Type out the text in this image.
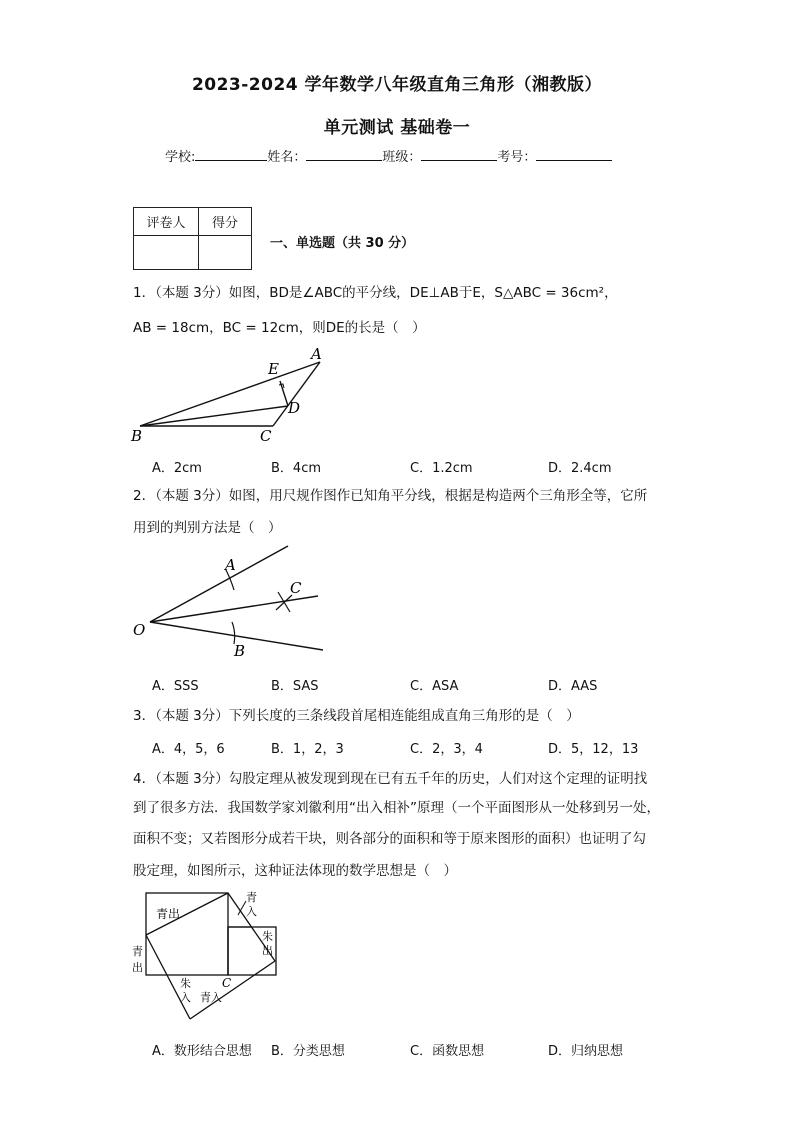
2023-2024 学年数学八年级直角三角形（湘教版）
单元测试 基础卷一
学校:	姓名：	班级：	考号：
评卷人	得分

一、单选题（共 30 分）
1．（本题 3分）如图，BD是∠ABC的平分线，DE⊥AB于E，S△ABC = 36cm²，
AB = 18cm，BC = 12cm，则DE的长是（　）
B	C
D
E
A
A．2cm	B．4cm	C．1.2cm	D．2.4cm
2．（本题 3分）如图，用尺规作图作已知角平分线，根据是构造两个三角形全等，它所
用到的判别方法是（　）
O
A
C
B
A．SSS	B．SAS	C．ASA	D．AAS
3．（本题 3分）下列长度的三条线段首尾相连能组成直角三角形的是（　）
A．4，5，6	B．1，2，3	C．2，3，4	D．5，12，13
4．（本题 3分）勾股定理从被发现到现在已有五千年的历史，人们对这个定理的证明找
到了很多方法．我国数学家刘徽利用“出入相补”原理（一个平面图形从一处移到另一处，
面积不变；又若图形分成若干块，则各部分的面积和等于原来图形的面积）也证明了勾
股定理，如图所示，这种证法体现的数学思想是（　）
青出
青
入
朱
出
青
出
朱
入 青入
C
A．数形结合思想 B．分类思想	C．函数思想	D．归纳思想
